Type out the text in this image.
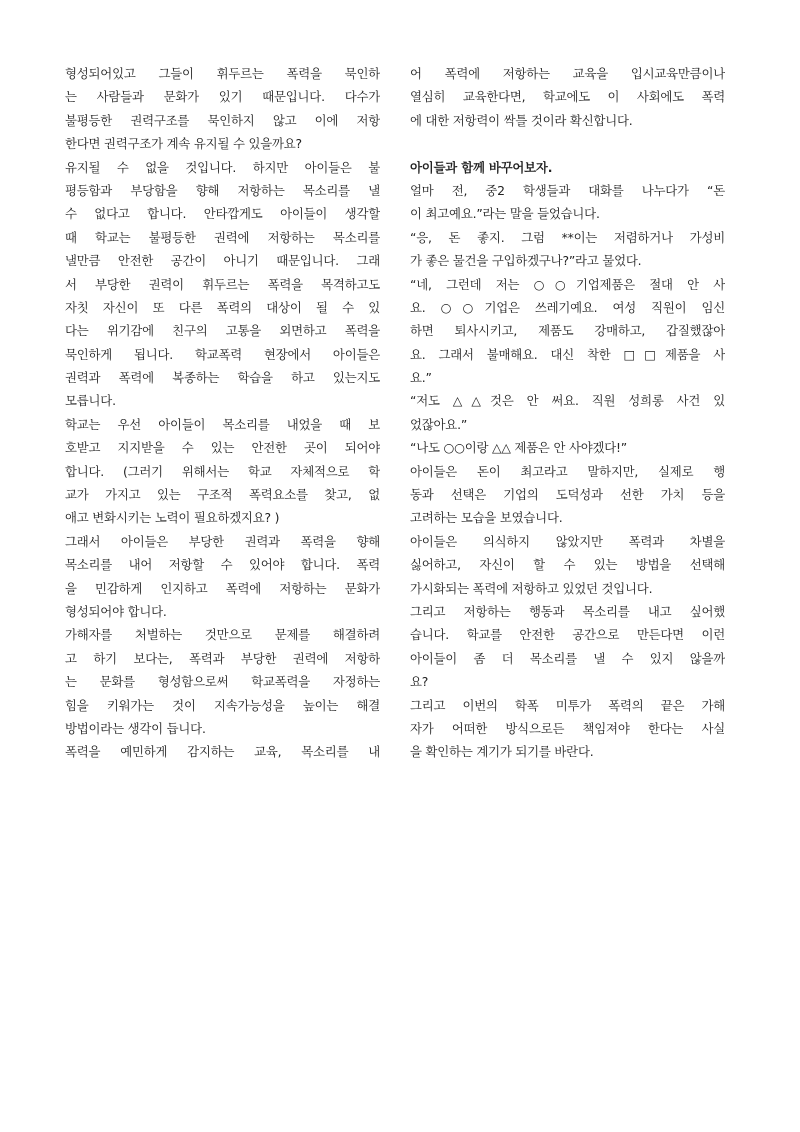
형성되어있고 그들이 휘두르는 폭력을 묵인하
는 사람들과 문화가 있기 때문입니다. 다수가
불평등한 권력구조를 묵인하지 않고 이에 저항
한다면 권력구조가 계속 유지될 수 있을까요?
유지될 수 없을 것입니다. 하지만 아이들은 불
평등함과 부당함을 향해 저항하는 목소리를 낼
수 없다고 합니다. 안타깝게도 아이들이 생각할
때 학교는 불평등한 권력에 저항하는 목소리를
낼만큼 안전한 공간이 아니기 때문입니다. 그래
서 부당한 권력이 휘두르는 폭력을 목격하고도
자칫 자신이 또 다른 폭력의 대상이 될 수 있
다는 위기감에 친구의 고통을 외면하고 폭력을
묵인하게 됩니다. 학교폭력 현장에서 아이들은
권력과 폭력에 복종하는 학습을 하고 있는지도
모릅니다.
학교는 우선 아이들이 목소리를 내었을 때 보
호받고 지지받을 수 있는 안전한 곳이 되어야
합니다. (그러기 위해서는 학교 자체적으로 학
교가 가지고 있는 구조적 폭력요소를 찾고, 없
애고 변화시키는 노력이 필요하겠지요? )
그래서 아이들은 부당한 권력과 폭력을 향해
목소리를 내어 저항할 수 있어야 합니다. 폭력
을 민감하게 인지하고 폭력에 저항하는 문화가
형성되어야 합니다.
가해자를 처벌하는 것만으로 문제를 해결하려
고 하기 보다는, 폭력과 부당한 권력에 저항하
는 문화를 형성함으로써 학교폭력을 자정하는
힘을 키워가는 것이 지속가능성을 높이는 해결
방법이라는 생각이 듭니다.
폭력을 예민하게 감지하는 교육, 목소리를 내
어 폭력에 저항하는 교육을 입시교육만큼이나
열심히 교육한다면, 학교에도 이 사회에도 폭력
에 대한 저항력이 싹틀 것이라 확신합니다.
아이들과 함께 바꾸어보자.
얼마 전, 중2 학생들과 대화를 나누다가 “돈
이 최고예요.”라는 말을 들었습니다.
“응, 돈 좋지. 그럼 **이는 저렴하거나 가성비
가 좋은 물건을 구입하겠구나?”라고 물었다.
“네, 그런데 저는 ○○기업제품은 절대 안 사
요. ○○기업은 쓰레기예요. 여성 직원이 임신
하면 퇴사시키고, 제품도 강매하고, 갑질했잖아
요. 그래서 불매해요. 대신 착한 □□제품을 사
요.”
“저도 △△것은 안 써요. 직원 성희롱 사건 있
었잖아요.”
“나도 ○○이랑 △△ 제품은 안 사야겠다!”
아이들은 돈이 최고라고 말하지만, 실제로 행
동과 선택은 기업의 도덕성과 선한 가치 등을
고려하는 모습을 보였습니다.
아이들은 의식하지 않았지만 폭력과 차별을
싫어하고, 자신이 할 수 있는 방법을 선택해
가시화되는 폭력에 저항하고 있었던 것입니다.
그리고 저항하는 행동과 목소리를 내고 싶어했
습니다. 학교를 안전한 공간으로 만든다면 이런
아이들이 좀 더 목소리를 낼 수 있지 않을까
요?
그리고 이번의 학폭 미투가 폭력의 끝은 가해
자가 어떠한 방식으로든 책임져야 한다는 사실
을 확인하는 계기가 되기를 바란다.
